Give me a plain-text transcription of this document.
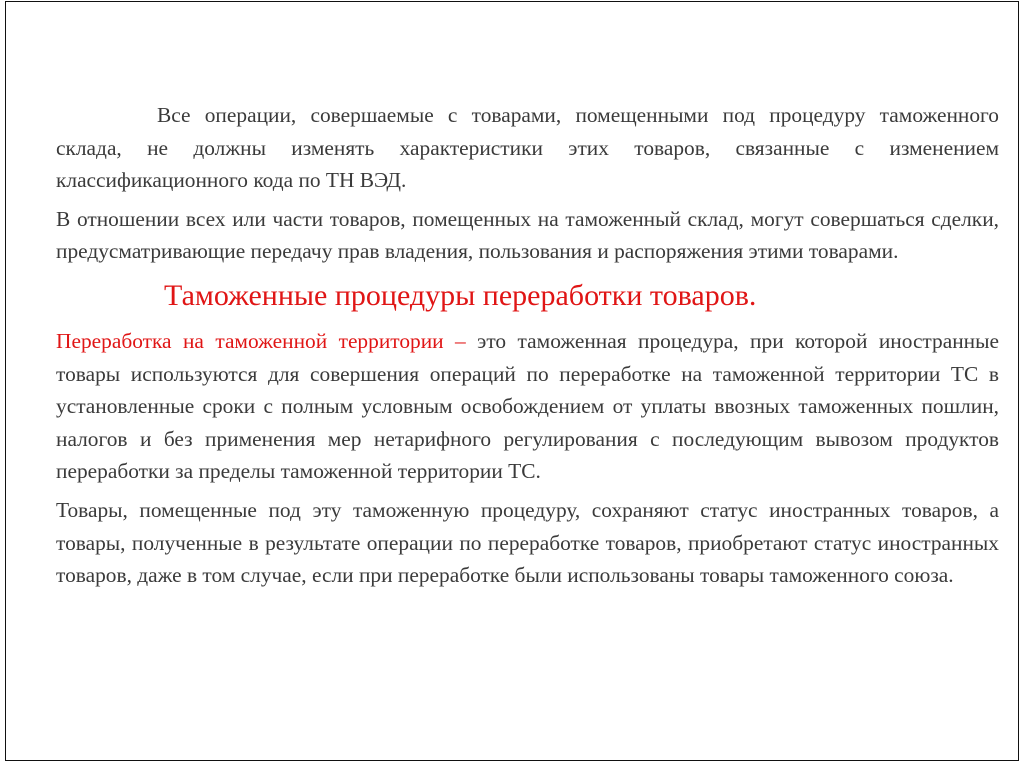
Все операции, совершаемые с товарами, помещенными под процедуру таможенного склада, не должны изменять характеристики этих товаров, связанные с изменением классификационного кода по ТН ВЭД.

В отношении всех или части товаров, помещенных на таможенный склад, могут совершаться сделки, предусматривающие передачу прав владения, пользования и распоряжения этими товарами.

Таможенные процедуры переработки товаров.

Переработка на таможенной территории – это таможенная процедура, при которой иностранные товары используются для совершения операций по переработке на таможенной территории ТС в установленные сроки с полным условным освобождением от уплаты ввозных таможенных пошлин, налогов и без применения мер нетарифного регулирования с последующим вывозом продуктов переработки за пределы таможенной территории ТС.

Товары, помещенные под эту таможенную процедуру, сохраняют статус иностранных товаров, а товары, полученные в результате операции по переработке товаров, приобретают статус иностранных товаров, даже в том случае, если при переработке были использованы товары таможенного союза.
